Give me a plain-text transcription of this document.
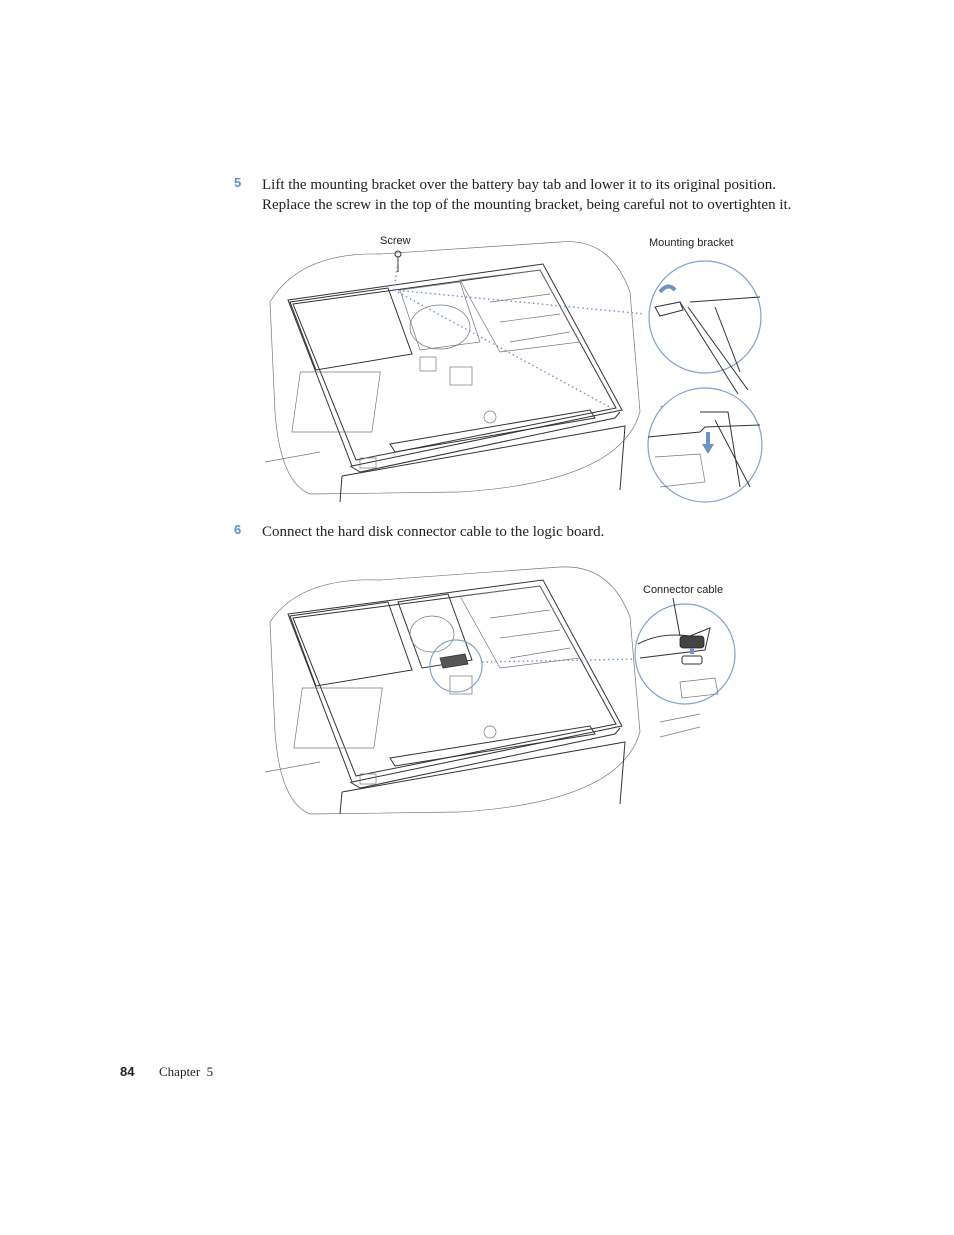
5 Lift the mounting bracket over the battery bay tab and lower it to its original position. Replace the screw in the top of the mounting bracket, being careful not to overtighten it.
Screw	Mounting bracket
6 Connect the hard disk connector cable to the logic board.
Connector cable
84 Chapter  5
